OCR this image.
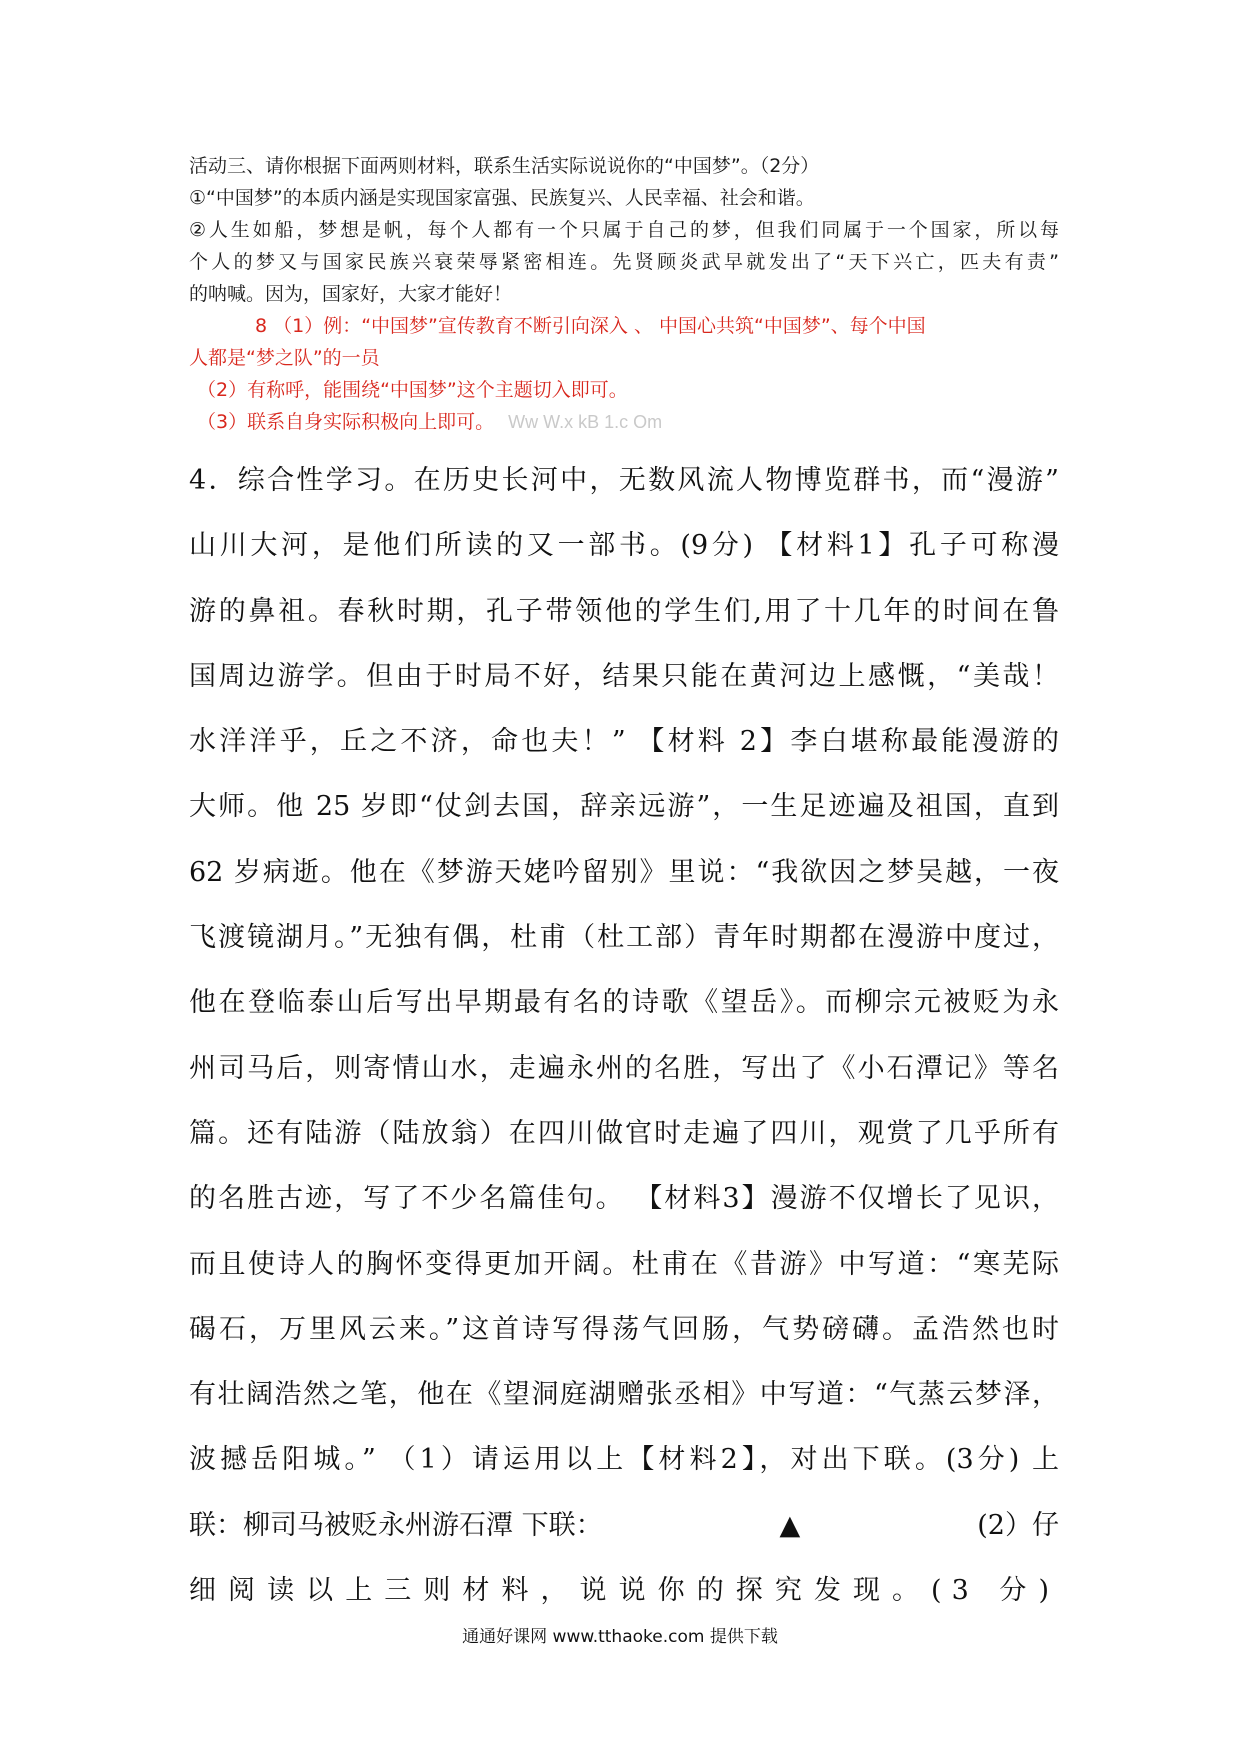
活动三、请你根据下面两则材料，联系生活实际说说你的“中国梦”。（2分）

①“中国梦”的本质内涵是实现国家富强、民族复兴、人民幸福、社会和谐。

②人生如船，梦想是帆，每个人都有一个只属于自己的梦，但我们同属于一个国家，所以每

个人的梦又与国家民族兴衰荣辱紧密相连。先贤顾炎武早就发出了“天下兴亡，匹夫有责”

的呐喊。因为，国家好，大家才能好！

8 （1）例：“中国梦”宣传教育不断引向深入 、 中国心共筑“中国梦”、每个中国

人都是“梦之队”的一员

（2）有称呼，能围绕“中国梦”这个主题切入即可。

（3）联系自身实际积极向上即可。 Ww W.x kB 1.c Om

4．综合性学习。在历史长河中，无数风流人物博览群书，而“漫游”
山川大河，是他们所读的又一部书。(9分) 【材料1】孔子可称漫
游的鼻祖。春秋时期，孔子带领他的学生们,用了十几年的时间在鲁
国周边游学。但由于时局不好，结果只能在黄河边上感慨，“美哉！
水洋洋乎，丘之不济，命也夫！” 【材料 2】李白堪称最能漫游的
大师。他 25 岁即“仗剑去国，辞亲远游”，一生足迹遍及祖国，直到
62 岁病逝。他在《梦游天姥吟留别》里说：“我欲因之梦吴越，一夜
飞渡镜湖月。”无独有偶，杜甫（杜工部）青年时期都在漫游中度过，
他在登临泰山后写出早期最有名的诗歌《望岳》。而柳宗元被贬为永
州司马后，则寄情山水，走遍永州的名胜，写出了《小石潭记》等名
篇。还有陆游（陆放翁）在四川做官时走遍了四川，观赏了几乎所有
的名胜古迹，写了不少名篇佳句。 【材料3】漫游不仅增长了见识，
而且使诗人的胸怀变得更加开阔。杜甫在《昔游》中写道：“寒芜际
碣石，万里风云来。”这首诗写得荡气回肠，气势磅礴。孟浩然也时
有壮阔浩然之笔，他在《望洞庭湖赠张丞相》中写道：“气蒸云梦泽，
波撼岳阳城。” （1）请运用以上【材料2】，对出下联。(3分) 上
联：柳司马被贬永州游石潭 下联：	▲	(2）仔
细阅读以上三则材料，说说你的探究发现。(3 分)

通通好课网 www.tthaoke.com 提供下载
